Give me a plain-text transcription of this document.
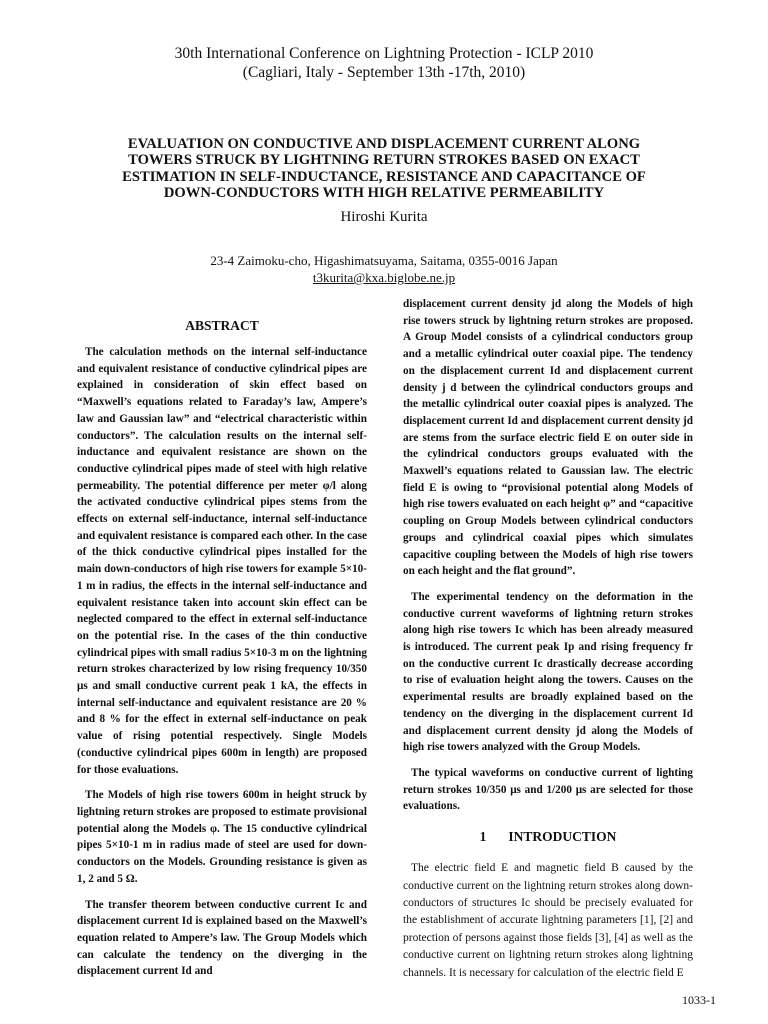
30th International Conference on Lightning Protection - ICLP 2010
(Cagliari, Italy - September 13th -17th, 2010)
EVALUATION ON CONDUCTIVE AND DISPLACEMENT CURRENT ALONG TOWERS STRUCK BY LIGHTNING RETURN STROKES BASED ON EXACT ESTIMATION IN SELF-INDUCTANCE, RESISTANCE AND CAPACITANCE OF DOWN-CONDUCTORS WITH HIGH RELATIVE PERMEABILITY
Hiroshi Kurita
23-4 Zaimoku-cho, Higashimatsuyama, Saitama, 0355-0016 Japan
t3kurita@kxa.biglobe.ne.jp
ABSTRACT

The calculation methods on the internal self-inductance and equivalent resistance of conductive cylindrical pipes are explained in consideration of skin effect based on “Maxwell’s equations related to Faraday’s law, Ampere’s law and Gaussian law” and “electrical characteristic within conductors”. The calculation results on the internal self-inductance and equivalent resistance are shown on the conductive cylindrical pipes made of steel with high relative permeability. The potential difference per meter φ/l along the activated conductive cylindrical pipes stems from the effects on external self-inductance, internal self-inductance and equivalent resistance is compared each other. In the case of the thick conductive cylindrical pipes installed for the main down-conductors of high rise towers for example 5×10-1 m in radius, the effects in the internal self-inductance and equivalent resistance taken into account skin effect can be neglected compared to the effect in external self-inductance on the potential rise. In the cases of the thin conductive cylindrical pipes with small radius 5×10-3 m on the lightning return strokes characterized by low rising frequency 10/350 μs and small conductive current peak 1 kA, the effects in internal self-inductance and equivalent resistance are 20 % and 8 % for the effect in external self-inductance on peak value of rising potential respectively. Single Models (conductive cylindrical pipes 600m in length) are proposed for those evaluations.

The Models of high rise towers 600m in height struck by lightning return strokes are proposed to estimate provisional potential along the Models φ. The 15 conductive cylindrical pipes 5×10-1 m in radius made of steel are used for down-conductors on the Models. Grounding resistance is given as 1, 2 and 5 Ω.

The transfer theorem between conductive current Ic and displacement current Id is explained based on the Maxwell’s equation related to Ampere’s law. The Group Models which can calculate the tendency on the diverging in the displacement current Id and

displacement current density jd along the Models of high rise towers struck by lightning return strokes are proposed. A Group Model consists of a cylindrical conductors group and a metallic cylindrical outer coaxial pipe. The tendency on the displacement current Id and displacement current density j d between the cylindrical conductors groups and the metallic cylindrical outer coaxial pipes is analyzed. The displacement current Id and displacement current density jd are stems from the surface electric field E on outer side in the cylindrical conductors groups evaluated with the Maxwell’s equations related to Gaussian law. The electric field E is owing to “provisional potential along Models of high rise towers evaluated on each height φ” and “capacitive coupling on Group Models between cylindrical conductors groups and cylindrical coaxial pipes which simulates capacitive coupling between the Models of high rise towers on each height and the flat ground”.

The experimental tendency on the deformation in the conductive current waveforms of lightning return strokes along high rise towers Ic which has been already measured is introduced. The current peak Ip and rising frequency fr on the conductive current Ic drastically decrease according to rise of evaluation height along the towers. Causes on the experimental results are broadly explained based on the tendency on the diverging in the displacement current Id and displacement current density jd along the Models of high rise towers analyzed with the Group Models.

The typical waveforms on conductive current of lighting return strokes 10/350 μs and 1/200 μs are selected for those evaluations.

1 INTRODUCTION

The electric field E and magnetic field B caused by the conductive current on the lightning return strokes along down-conductors of structures Ic should be precisely evaluated for the establishment of accurate lightning parameters [1], [2] and protection of persons against those fields [3], [4] as well as the conductive current on lightning return strokes along lightning channels. It is necessary for calculation of the electric field E

1033-1
